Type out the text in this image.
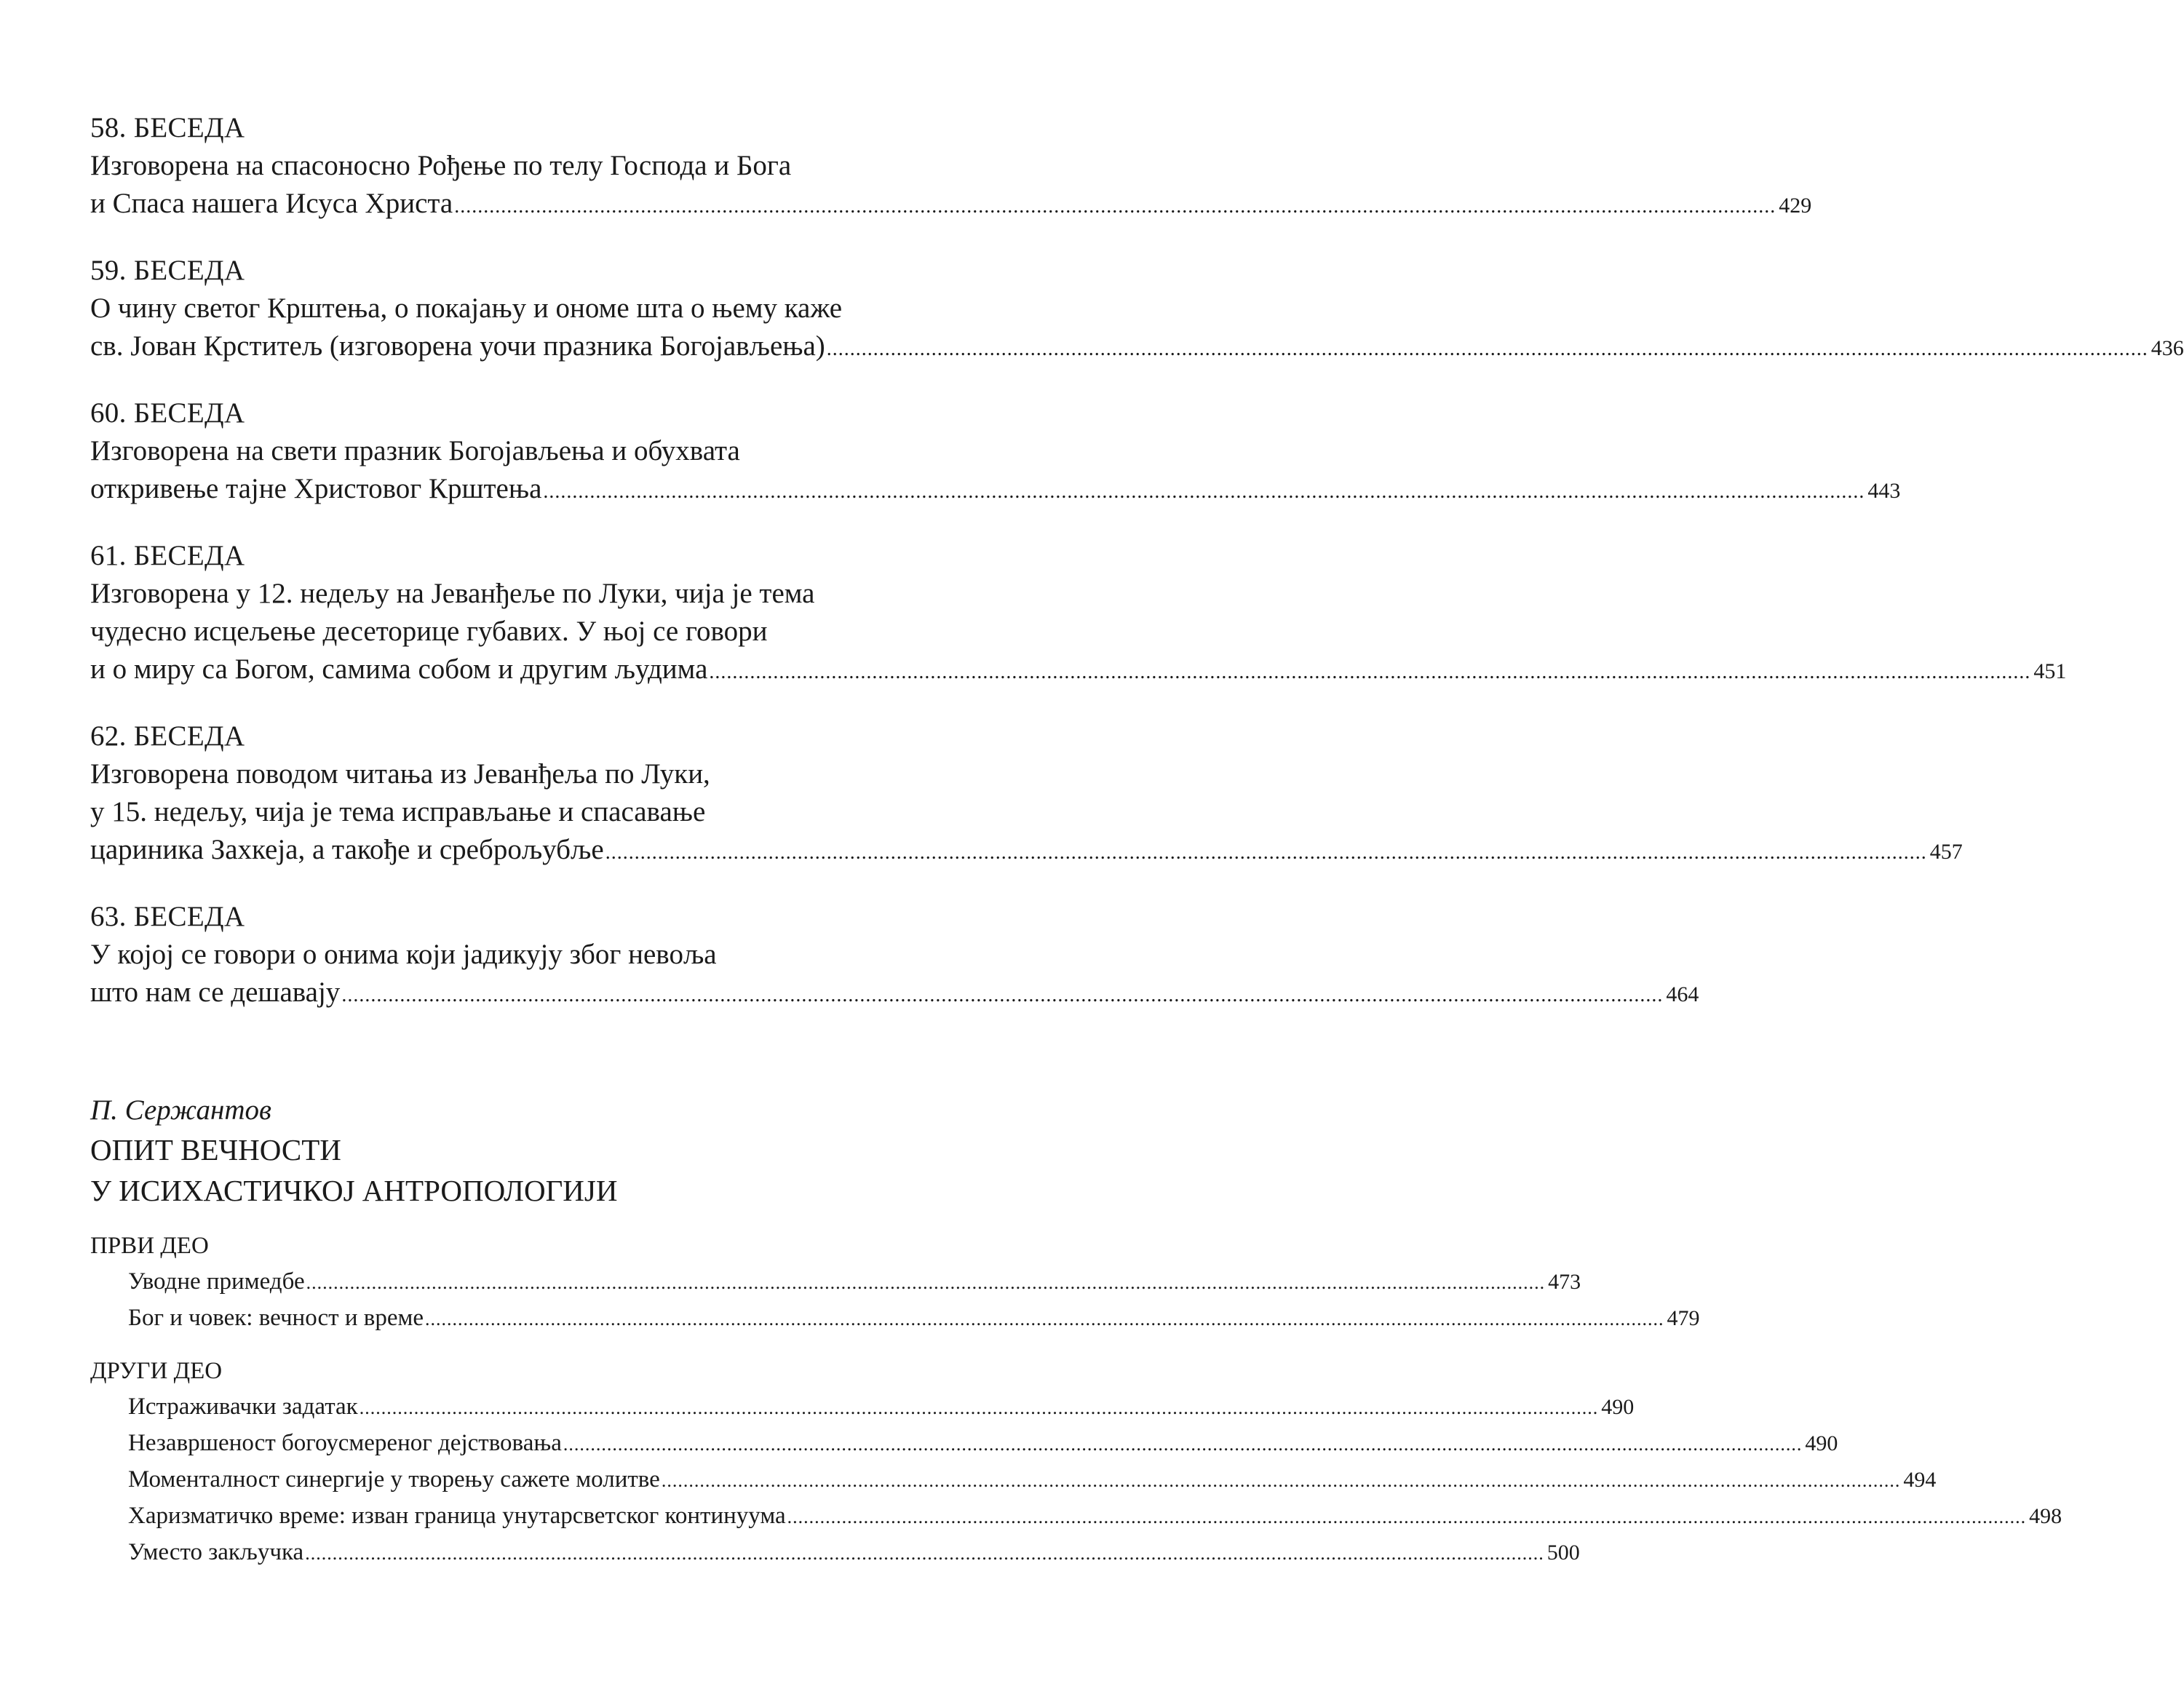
58. БЕСЕДА
Изговорена на спасоносно Рођење по телу Господа и Бога
и Спаса нашега Исуса Христа ................................................................................................................................................................................................................................... 429
59. БЕСЕДА
О чину светог Крштења, о покајању и ономе шта о њему каже
св. Јован Крститељ (изговорена уочи празника Богојављења) ................................................................................................................................................................................................................................... 436
60. БЕСЕДА
Изговорена на свети празник Богојављења и обухвата
откривење тајне Христовог Крштења ................................................................................................................................................................................................................................... 443
61. БЕСЕДА
Изговорена у 12. недељу на Јеванђеље по Луки, чија је тема
чудесно исцељење десеторице губавих. У њој се говори
и о миру са Богом, самима собом и другим људима ................................................................................................................................................................................................................................... 451
62. БЕСЕДА
Изговорена поводом читања из Јеванђеља по Луки,
у 15. недељу, чија је тема исправљање и спасавање
цариника Захкеја, а такође и среброљубље ................................................................................................................................................................................................................................... 457
63. БЕСЕДА
У којој се говори о онима који јадикују због невоља
што нам се дешавају ................................................................................................................................................................................................................................... 464
П. Сержантов
ОПИТ ВЕЧНОСТИ
У ИСИХАСТИЧКОЈ АНТРОПОЛОГИЈИ
ПРВИ ДЕО
Уводне примедбе ................................................................................................................................................................................................................................... 473
Бог и човек: вечност и време ................................................................................................................................................................................................................................... 479
ДРУГИ ДЕО
Истраживачки задатак ................................................................................................................................................................................................................................... 490
Незавршеност богоусмереног дејствовања ................................................................................................................................................................................................................................... 490
Моменталност синергије у творењу сажете молитве ................................................................................................................................................................................................................................... 494
Харизматичко време: изван граница унутарсветског континуума ................................................................................................................................................................................................................................... 498
Уместо закључка ................................................................................................................................................................................................................................... 500
